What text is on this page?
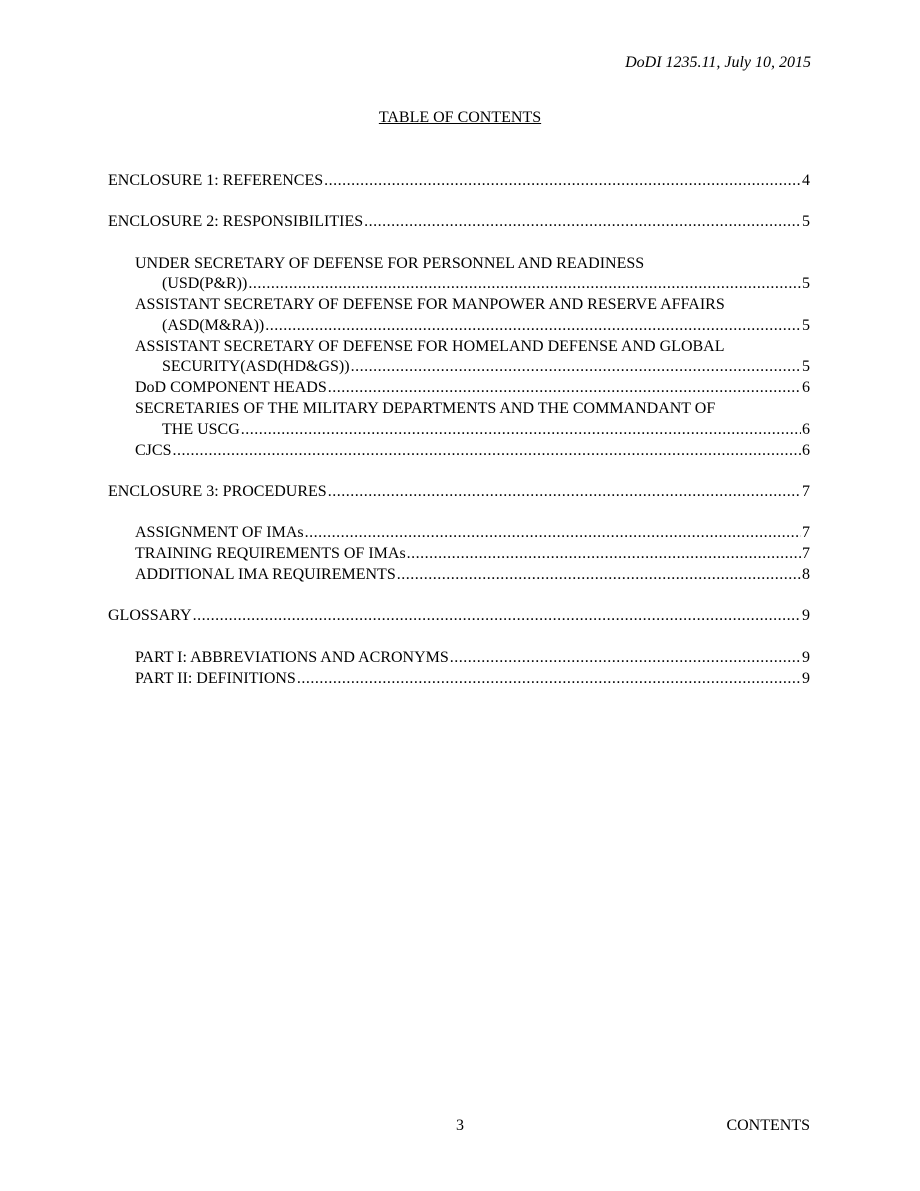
DoDI 1235.11, July 10, 2015
TABLE OF CONTENTS
ENCLOSURE 1: REFERENCES .....	4
ENCLOSURE 2: RESPONSIBILITIES .....	5
UNDER SECRETARY OF DEFENSE FOR PERSONNEL AND READINESS
(USD(P&R)) .....	5
ASSISTANT SECRETARY OF DEFENSE FOR MANPOWER AND RESERVE AFFAIRS
(ASD(M&RA)) .....	5
ASSISTANT SECRETARY OF DEFENSE FOR HOMELAND DEFENSE AND GLOBAL
SECURITY(ASD(HD&GS)) .....	5
DoD COMPONENT HEADS .....	6
SECRETARIES OF THE MILITARY DEPARTMENTS AND THE COMMANDANT OF
THE USCG .....	6
CJCS .....	6
ENCLOSURE 3: PROCEDURES .....	7
ASSIGNMENT OF IMAs .....	7
TRAINING REQUIREMENTS OF IMAs .....	7
ADDITIONAL IMA REQUIREMENTS .....	8
GLOSSARY .....	9
PART I: ABBREVIATIONS AND ACRONYMS .....	9
PART II: DEFINITIONS .....	9
3	CONTENTS
